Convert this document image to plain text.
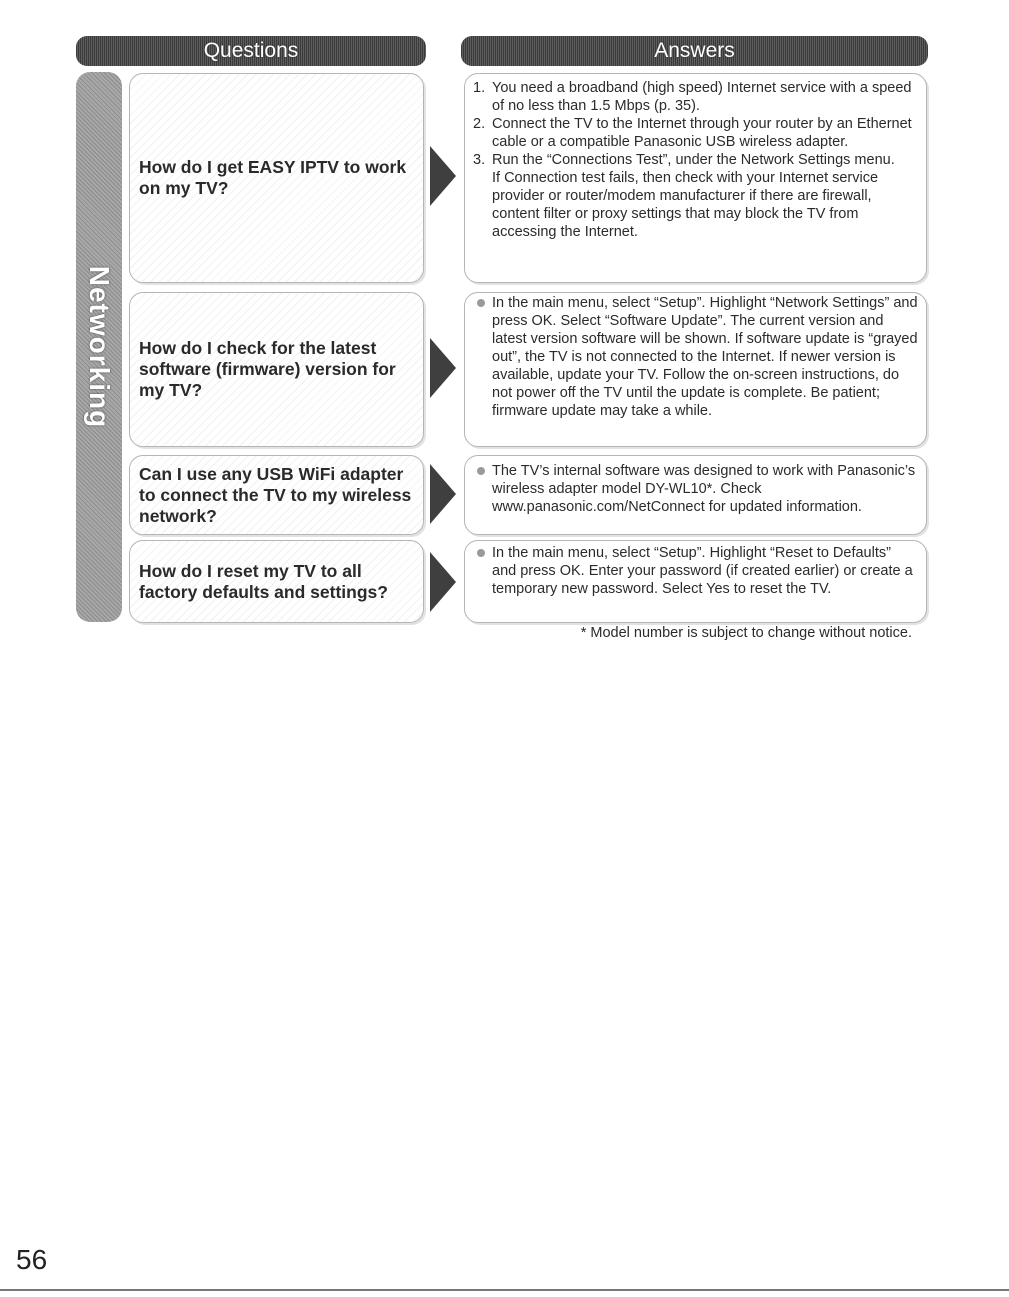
Questions	Answers
Networking
How do I get EASY IPTV to work on my TV?
How do I check for the latest software (firmware) version for my TV?
Can I use any USB WiFi adapter to connect the TV to my wireless network?
How do I reset my TV to all factory defaults and settings?
1. You need a broadband (high speed) Internet service with a speed of no less than 1.5 Mbps (p. 35).
2. Connect the TV to the Internet through your router by an Ethernet cable or a compatible Panasonic USB wireless adapter.
3. Run the “Connections Test”, under the Network Settings menu.
If Connection test fails, then check with your Internet service provider or router/modem manufacturer if there are firewall, content filter or proxy settings that may block the TV from accessing the Internet.
In the main menu, select “Setup”. Highlight “Network Settings” and press OK. Select “Software Update”. The current version and latest version software will be shown. If software update is “grayed out”, the TV is not connected to the Internet. If newer version is available, update your TV. Follow the on-screen instructions, do not power off the TV until the update is complete. Be patient; firmware update may take a while.
The TV’s internal software was designed to work with Panasonic’s wireless adapter model DY-WL10*. Check www.panasonic.com/NetConnect for updated information.
In the main menu, select “Setup”. Highlight “Reset to Defaults” and press OK. Enter your password (if created earlier) or create a temporary new password. Select Yes to reset the TV.
* Model number is subject to change without notice.
56
